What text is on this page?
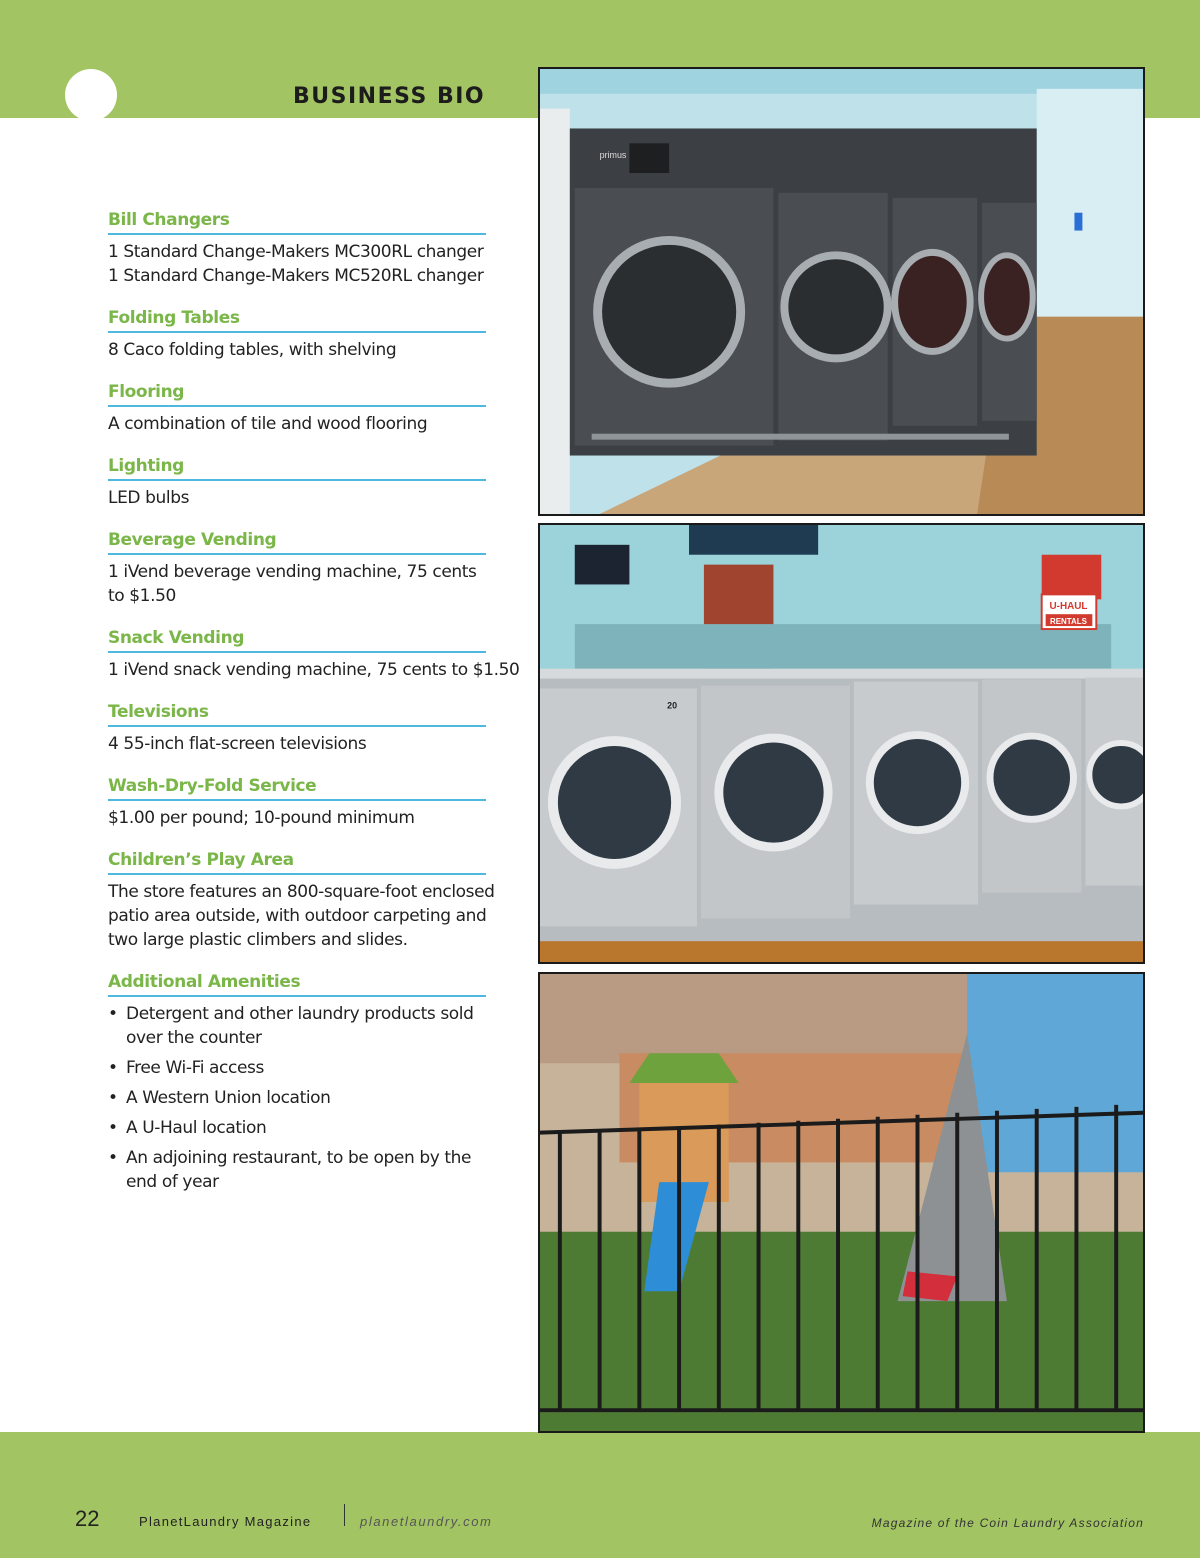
BUSINESS BIO
Bill Changers
1 Standard Change-Makers MC300RL changer
1 Standard Change-Makers MC520RL changer
Folding Tables
8 Caco folding tables, with shelving
Flooring
A combination of tile and wood flooring
Lighting
LED bulbs
Beverage Vending
1 iVend beverage vending machine, 75 cents
to $1.50
Snack Vending
1 iVend snack vending machine, 75 cents to $1.50
Televisions
4 55-inch flat-screen televisions
Wash-Dry-Fold Service
$1.00 per pound; 10-pound minimum
Children’s Play Area
The store features an 800-square-foot enclosed
patio area outside, with outdoor carpeting and
two large plastic climbers and slides.
Additional Amenities
• Detergent and other laundry products sold
over the counter
• Free Wi-Fi access
• A Western Union location
• A U-Haul location
• An adjoining restaurant, to be open by the
end of year
primus
U-HAUL
RENTALS
20
22	PlanetLaundry Magazine	planetlaundry.com	Magazine of the Coin Laundry Association
